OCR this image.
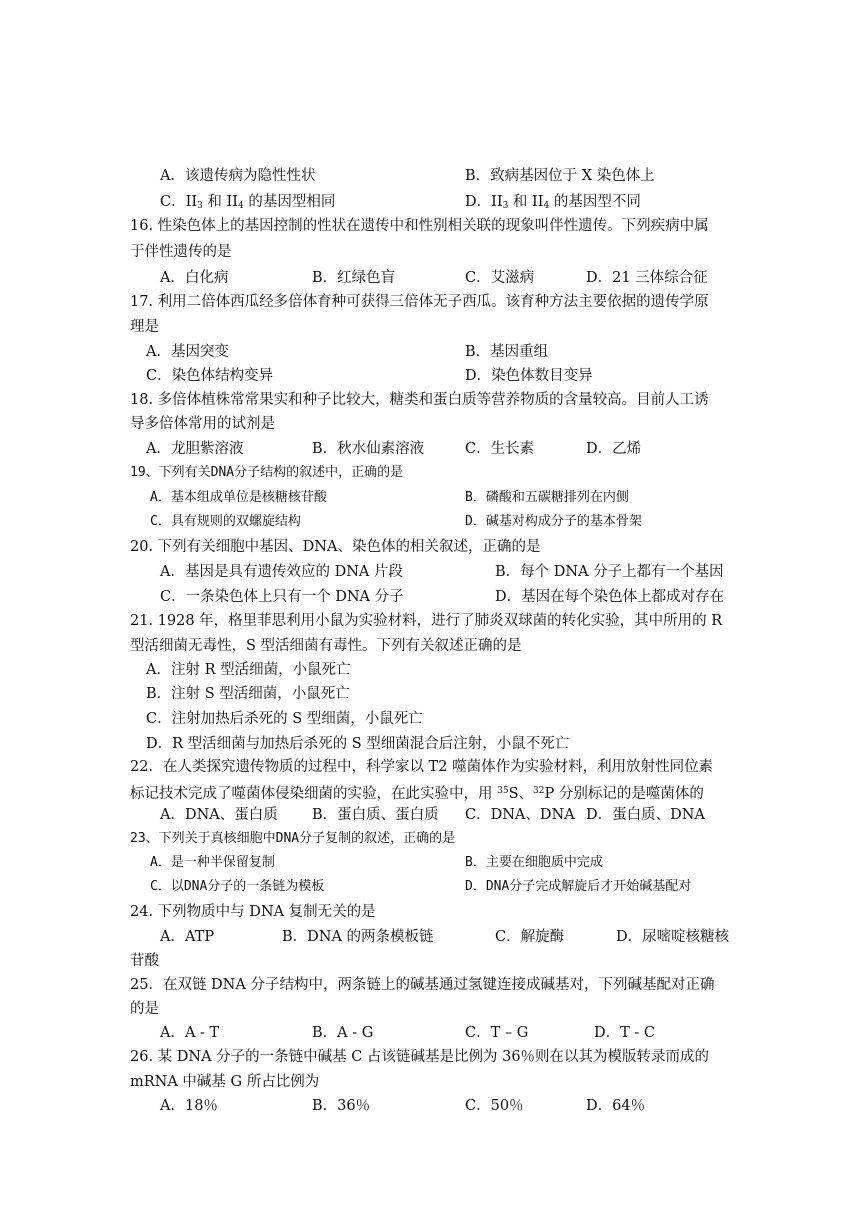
A．该遗传病为隐性性状	B．致病基因位于 X 染色体上
C．$II_3$ 和 $II_4$ 的基因型相同	D．$II_3$ 和 $II_4$ 的基因型不同
16. 性染色体上的基因控制的性状在遗传中和性别相关联的现象叫伴性遗传。下列疾病中属
于伴性遗传的是
A．白化病	B．红绿色盲	C．艾滋病	D．21 三体综合征
17. 利用二倍体西瓜经多倍体育种可获得三倍体无子西瓜。该育种方法主要依据的遗传学原
理是
A．基因突变	B．基因重组
C．染色体结构变异	D．染色体数目变异
18. 多倍体植株常常果实和种子比较大，糖类和蛋白质等营养物质的含量较高。目前人工诱
导多倍体常用的试剂是
A．龙胆紫溶液	B．秋水仙素溶液	C．生长素	D．乙烯
19、下列有关DNA分子结构的叙述中，正确的是
A．基本组成单位是核糖核苷酸	B．磷酸和五碳糖排列在内侧
C．具有规则的双螺旋结构	D．碱基对构成分子的基本骨架
20. 下列有关细胞中基因、DNA、染色体的相关叙述，正确的是
A．基因是具有遗传效应的 DNA 片段	B．每个 DNA 分子上都有一个基因
C．一条染色体上只有一个 DNA 分子	D．基因在每个染色体上都成对存在
21. 1928 年，格里菲思利用小鼠为实验材料，进行了肺炎双球菌的转化实验，其中所用的 R
型活细菌无毒性，S 型活细菌有毒性。下列有关叙述正确的是
A．注射 R 型活细菌，小鼠死亡
B．注射 S 型活细菌，小鼠死亡
C．注射加热后杀死的 S 型细菌，小鼠死亡
D．R 型活细菌与加热后杀死的 S 型细菌混合后注射，小鼠不死亡
22．在人类探究遗传物质的过程中，科学家以 T2 噬菌体作为实验材料，利用放射性同位素
标记技术完成了噬菌体侵染细菌的实验，在此实验中，用 $^{35}$S、$^{32}$P 分别标记的是噬菌体的
A．DNA、蛋白质 B．蛋白质、蛋白质 C．DNA、DNA D．蛋白质、DNA
23、下列关于真核细胞中DNA分子复制的叙述，正确的是
A．是一种半保留复制	B．主要在细胞质中完成
C．以DNA分子的一条链为模板	D．DNA分子完成解旋后才开始碱基配对
24. 下列物质中与 DNA 复制无关的是
A．ATP	B．DNA 的两条模板链	C．解旋酶	D．尿嘧啶核糖核
苷酸
25．在双链 DNA 分子结构中，两条链上的碱基通过氢键连接成碱基对，下列碱基配对正确
的是
A．A - T	B．A - G	C．T – G	D．T - C
26. 某 DNA 分子的一条链中碱基 C 占该链碱基是比例为 36％则在以其为模版转录而成的
mRNA 中碱基 G 所占比例为
A．18％	B．36％	C．50％	D．64％
